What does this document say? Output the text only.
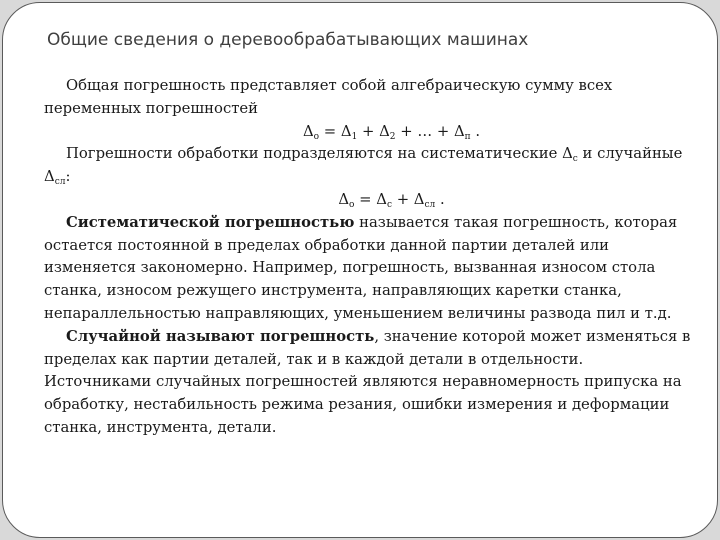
Общие сведения о деревообрабатывающих машинах

Общая погрешность представляет собой алгебраическую сумму всех переменных погрешностей

$\Delta_о = \Delta_1 + \Delta_2$ + … + $\Delta_п$ .

Погрешности обработки подразделяются на систематические $\Delta_с$ и случайные $\Delta_{сл}$:

$\Delta_о = \Delta_с + \Delta_{сл}$ .

Систематической погрешностью называется такая погрешность, которая остается постоянной в пределах обработки данной партии деталей или изменяется закономерно. Например, погрешность, вызванная износом стола станка, износом режущего инструмента, направляющих каретки станка, непараллельностью направляющих, уменьшением величины развода пил и т.д.

Случайной называют погрешность, значение которой может изменяться в пределах как партии деталей, так и в каждой детали в отдельности. Источниками случайных погрешностей являются неравномерность припуска на обработку, нестабильность режима резания, ошибки измерения и деформации станка, инструмента, детали.
